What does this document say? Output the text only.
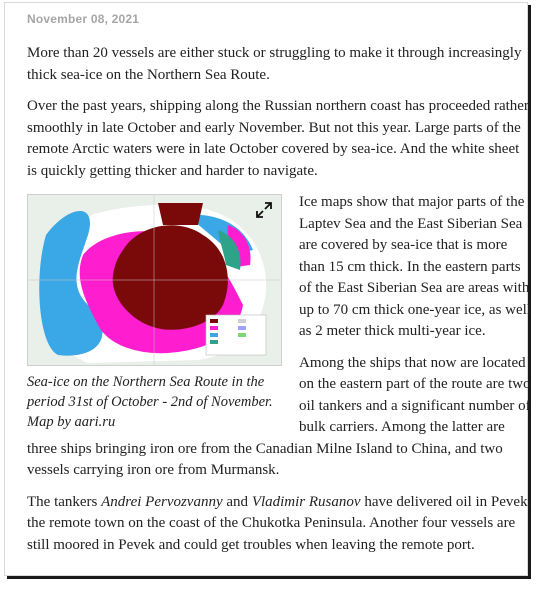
November 08, 2021

More than 20 vessels are either stuck or struggling to make it through increasingly thick sea-ice on the Northern Sea Route.

Over the past years, shipping along the Russian northern coast has proceeded rather smoothly in late October and early November. But not this year. Large parts of the remote Arctic waters were in late October covered by sea-ice. And the white sheet is quickly getting thicker and harder to navigate.

Sea-ice on the Northern Sea Route in the period 31st of October - 2nd of November. Map by aari.ru

Ice maps show that major parts of the Laptev Sea and the East Siberian Sea are covered by sea-ice that is more than 15 cm thick. In the eastern parts of the East Siberian Sea are areas with up to 70 cm thick one-year ice, as well as 2 meter thick multi-year ice.

Among the ships that now are located on the eastern part of the route are two oil tankers and a significant number of bulk carriers. Among the latter are three ships bringing iron ore from the Canadian Milne Island to China, and two vessels carrying iron ore from Murmansk.

The tankers Andrei Pervozvanny and Vladimir Rusanov have delivered oil in Pevek, the remote town on the coast of the Chukotka Peninsula. Another four vessels are still moored in Pevek and could get troubles when leaving the remote port.
